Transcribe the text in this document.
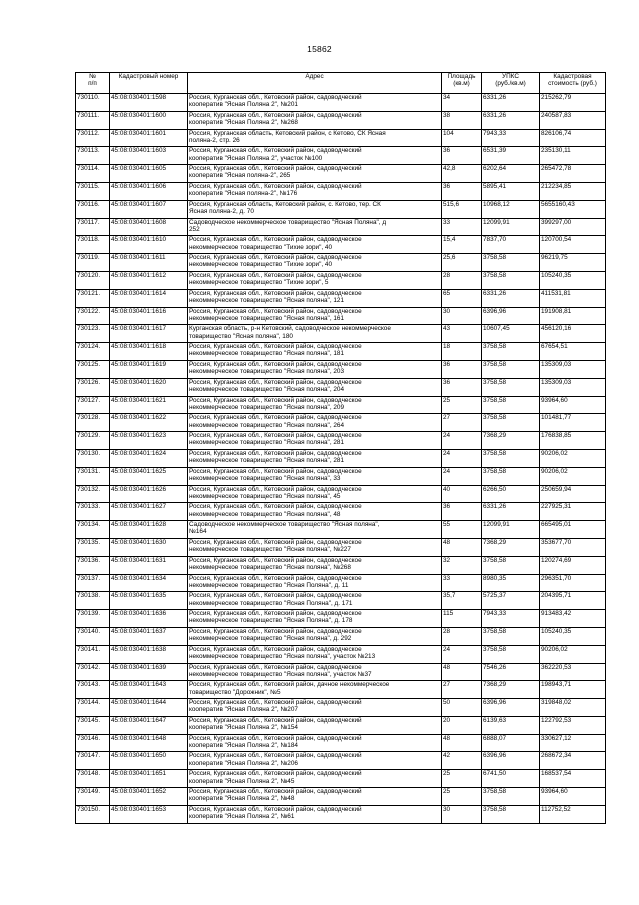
15862
№
п/п	Кадастровый номер	Адрес	Площадь
(кв.м)	УПКС
(руб./кв.м)	Кадастровая
стоимость (руб.)

730110.	45:08:030401:1598	Россия, Курганская обл., Кетовский район, садоводческий
кооператив "Ясная Поляна 2", №201	34	6331,26	215262,79
730111.	45:08:030401:1600	Россия, Курганская обл., Кетовский район, садоводческий
кооператив "Ясная Поляна 2", №268	38	6331,26	240587,83
730112.	45:08:030401:1601	Россия, Курганская область, Кетовский район, с Кетово, СК Ясная
поляна-2, стр. 26	104	7943,33	826106,74
730113.	45:08:030401:1603	Россия, Курганская обл., Кетовский район, садоводческий
кооператив "Ясная Поляна 2", участок №100	36	6531,39	235130,11
730114.	45:08:030401:1605	Россия, Курганская обл., Кетовский район, садоводческий
кооператив "Ясная поляна-2", 265	42,8	6202,64	265472,78
730115.	45:08:030401:1606	Россия, Курганская обл., Кетовский район, садоводческий
кооператив "Ясная поляна-2", №176	36	5895,41	212234,85
730116.	45:08:030401:1607	Россия, Курганская область, Кетовский район, с. Кетово, тер. СК
Ясная поляна-2, д. 70	515,6	10968,12	5655160,43
730117.	45:08:030401:1608	Садоводческое некоммерческое товарищество "Ясная Поляна", д
252	33	12099,91	399297,00
730118.	45:08:030401:1610	Россия, Курганская обл., Кетовский район, садоводческое
некоммерческое товарищество "Тихие зори", 40	15,4	7837,70	120700,54
730119.	45:08:030401:1611	Россия, Курганская обл., Кетовский район, садоводческое
некоммерческое товарищество "Тихие зори", 40	25,6	3758,58	96219,75
730120.	45:08:030401:1612	Россия, Курганская обл., Кетовский район, садоводческое
некоммерческое товарищество "Тихие зори", 5	28	3758,58	105240,35
730121.	45:08:030401:1614	Россия, Курганская обл., Кетовский район, садоводческое
некоммерческое товарищество "Ясная поляна", 121	65	6331,26	411531,81
730122.	45:08:030401:1616	Россия, Курганская обл., Кетовский район, садоводческое
некоммерческое товарищество "Ясная поляна", 161	30	6396,96	191908,81
730123.	45:08:030401:1617	Курганская область, р-н Кетовский, садоводческое некоммерческое
товарищество "Ясная поляна", 180	43	10607,45	456120,16
730124.	45:08:030401:1618	Россия, Курганская обл., Кетовский район, садоводческое
некоммерческое товарищество "Ясная поляна", 181	18	3758,58	67654,51
730125.	45:08:030401:1619	Россия, Курганская обл., Кетовский район, садоводческое
некоммерческое товарищество "Ясная поляна", 203	36	3758,58	135309,03
730126.	45:08:030401:1620	Россия, Курганская обл., Кетовский район, садоводческое
некоммерческое товарищество "Ясная поляна", 204	36	3758,58	135309,03
730127.	45:08:030401:1621	Россия, Курганская обл., Кетовский район, садоводческое
некоммерческое товарищество "Ясная поляна", 209	25	3758,58	93964,60
730128.	45:08:030401:1622	Россия, Курганская обл., Кетовский район, садоводческое
некоммерческое товарищество "Ясная поляна", 264	27	3758,58	101481,77
730129.	45:08:030401:1623	Россия, Курганская обл., Кетовский район, садоводческое
некоммерческое товарищество "Ясная поляна", 281	24	7368,29	176838,85
730130.	45:08:030401:1624	Россия, Курганская обл., Кетовский район, садоводческое
некоммерческое товарищество "Ясная поляна", 281	24	3758,58	90206,02
730131.	45:08:030401:1625	Россия, Курганская обл., Кетовский район, садоводческое
некоммерческое товарищество "Ясная поляна", 33	24	3758,58	90206,02
730132.	45:08:030401:1626	Россия, Курганская обл., Кетовский район, садоводческое
некоммерческое товарищество "Ясная поляна", 45	40	6266,50	250659,94
730133.	45:08:030401:1627	Россия, Курганская обл., Кетовский район, садоводческое
некоммерческое товарищество "Ясная поляна", 48	36	6331,26	227925,31
730134.	45:08:030401:1628	Садоводческое некоммерческое товарищество "Ясная поляна",
№164	55	12099,91	665495,01
730135.	45:08:030401:1630	Россия, Курганская обл., Кетовский район, садоводческое
некоммерческое товарищество "Ясная поляна", №227	48	7368,29	353677,70
730136.	45:08:030401:1631	Россия, Курганская обл., Кетовский район, садоводческое
некоммерческое товарищество "Ясная поляна", №268	32	3758,58	120274,69
730137.	45:08:030401:1634	Россия, Курганская обл., Кетовский район, садоводческое
некоммерческое товарищество "Ясная Поляна", д. 11	33	8980,35	296351,70
730138.	45:08:030401:1635	Россия, Курганская обл., Кетовский район, садоводческое
некоммерческое товарищество "Ясная Поляна", д. 171	35,7	5725,37	204395,71
730139.	45:08:030401:1636	Россия, Курганская обл., Кетовский район, садоводческое
некоммерческое товарищество "Ясная Поляна", д. 178	115	7943,33	913483,42
730140.	45:08:030401:1637	Россия, Курганская обл., Кетовский район, садоводческое
некоммерческое товарищество "Ясная поляна", д. 292	28	3758,58	105240,35
730141.	45:08:030401:1638	Россия, Курганская обл., Кетовский район, садоводческое
некоммерческое товарищество "Ясная поляна", участок №213	24	3758,58	90206,02
730142.	45:08:030401:1639	Россия, Курганская обл., Кетовский район, садоводческое
некоммерческое товарищество "Ясная поляна", участок №37	48	7546,26	362220,53
730143.	45:08:030401:1643	Россия, Курганская обл., Кетовский район, дачное некоммерческое
товарищество "Дорожник", №5	27	7368,29	198943,71
730144.	45:08:030401:1644	Россия, Курганская обл., Кетовский район, садоводческий
кооператив "Ясная Поляна 2", №207	50	6396,96	319848,02
730145.	45:08:030401:1647	Россия, Курганская обл., Кетовский район, садоводческий
кооператив "Ясная Поляна 2", №154	20	6139,63	122792,53
730146.	45:08:030401:1648	Россия, Курганская обл., Кетовский район, садоводческий
кооператив "Ясная Поляна 2", №184	48	6888,07	330627,12
730147.	45:08:030401:1650	Россия, Курганская обл., Кетовский район, садоводческий
кооператив "Ясная Поляна 2", №206	42	6396,96	268672,34
730148.	45:08:030401:1651	Россия, Курганская обл., Кетовский район, садоводческий
кооператив "Ясная Поляна 2", №45	25	6741,50	168537,54
730149.	45:08:030401:1652	Россия, Курганская обл., Кетовский район, садоводческий
кооператив "Ясная Поляна 2", №48	25	3758,58	93964,60
730150.	45:08:030401:1653	Россия, Курганская обл., Кетовский район, садоводческий
кооператив "Ясная Поляна 2", №61	30	3758,58	112752,52
